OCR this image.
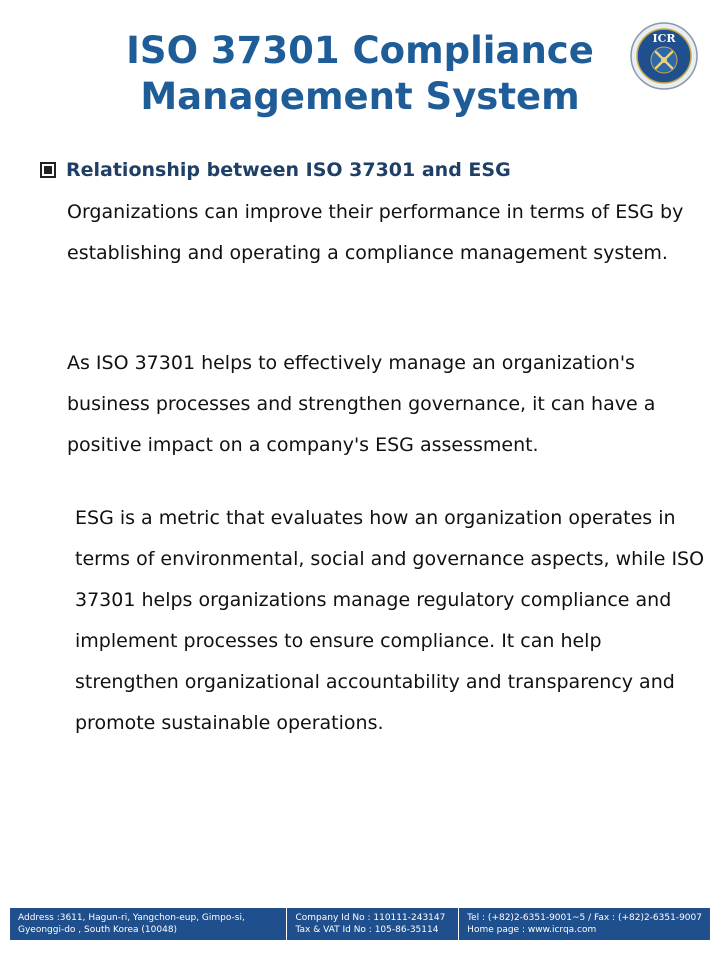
ISO 37301 Compliance
Management System
ICR
Relationship between ISO 37301 and ESG
Organizations can improve their performance in terms of ESG by establishing and operating a compliance management system.
As ISO 37301 helps to effectively manage an organization's business processes and strengthen governance, it can have a positive impact on a company's ESG assessment.
ESG is a metric that evaluates how an organization operates in terms of environmental, social and governance aspects, while ISO 37301 helps organizations manage regulatory compliance and implement processes to ensure compliance. It can help strengthen organizational accountability and transparency and promote sustainable operations.
Address :3611, Hagun-ri, Yangchon-eup, Gimpo-si,
Gyeonggi-do , South Korea (10048)
Company Id No : 110111-243147
Tax & VAT Id No : 105-86-35114
Tel : (+82)2-6351-9001~5 / Fax : (+82)2-6351-9007
Home page : www.icrqa.com
